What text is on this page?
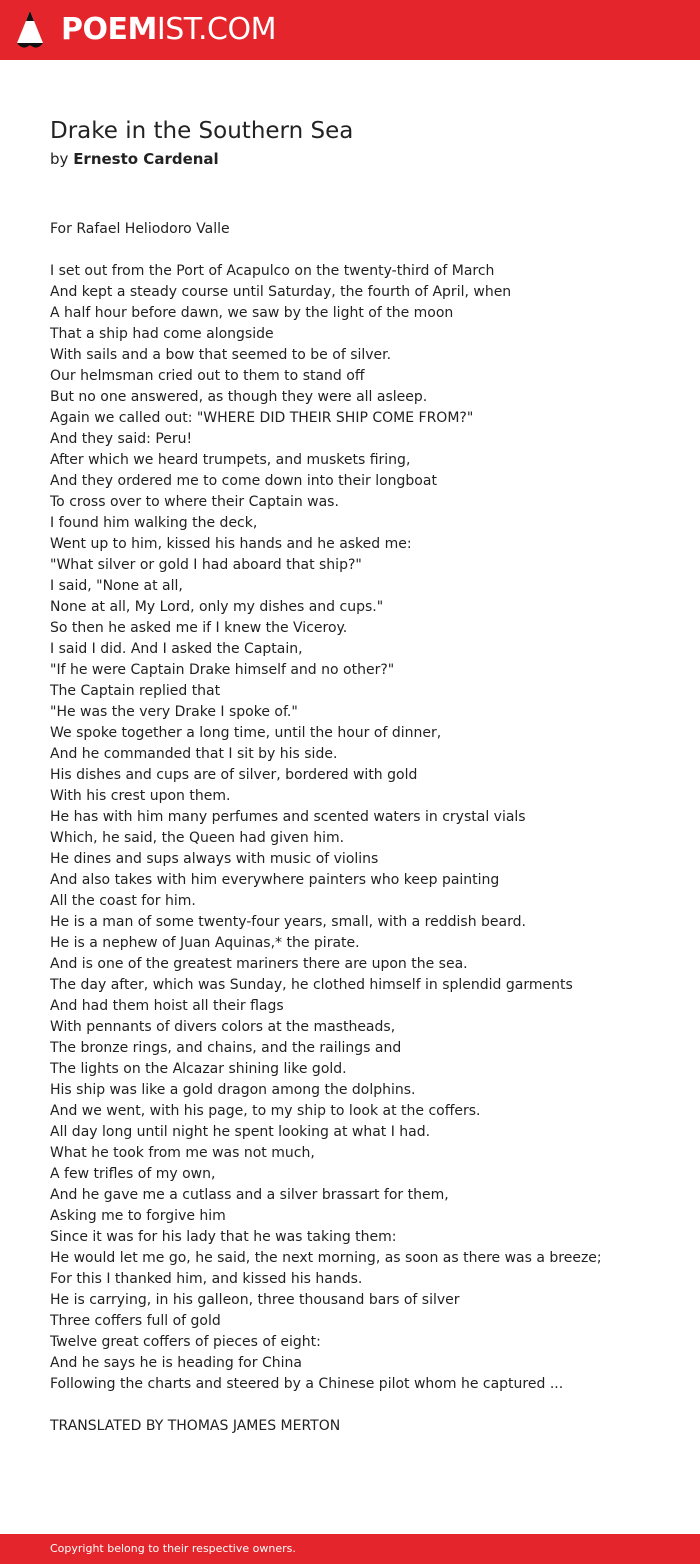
POEMIST.COM
Drake in the Southern Sea
by Ernesto Cardenal
For Rafael Heliodoro Valle
I set out from the Port of Acapulco on the twenty-third of March
And kept a steady course until Saturday, the fourth of April, when
A half hour before dawn, we saw by the light of the moon
That a ship had come alongside
With sails and a bow that seemed to be of silver.
Our helmsman cried out to them to stand off
But no one answered, as though they were all asleep.
Again we called out: "WHERE DID THEIR SHIP COME FROM?"
And they said: Peru!
After which we heard trumpets, and muskets firing,
And they ordered me to come down into their longboat
To cross over to where their Captain was.
I found him walking the deck,
Went up to him, kissed his hands and he asked me:
"What silver or gold I had aboard that ship?"
I said, "None at all,
None at all, My Lord, only my dishes and cups."
So then he asked me if I knew the Viceroy.
I said I did. And I asked the Captain,
"If he were Captain Drake himself and no other?"
The Captain replied that
"He was the very Drake I spoke of."
We spoke together a long time, until the hour of dinner,
And he commanded that I sit by his side.
His dishes and cups are of silver, bordered with gold
With his crest upon them.
He has with him many perfumes and scented waters in crystal vials
Which, he said, the Queen had given him.
He dines and sups always with music of violins
And also takes with him everywhere painters who keep painting
All the coast for him.
He is a man of some twenty-four years, small, with a reddish beard.
He is a nephew of Juan Aquinas,* the pirate.
And is one of the greatest mariners there are upon the sea.
The day after, which was Sunday, he clothed himself in splendid garments
And had them hoist all their flags
With pennants of divers colors at the mastheads,
The bronze rings, and chains, and the railings and
The lights on the Alcazar shining like gold.
His ship was like a gold dragon among the dolphins.
And we went, with his page, to my ship to look at the coffers.
All day long until night he spent looking at what I had.
What he took from me was not much,
A few trifles of my own,
And he gave me a cutlass and a silver brassart for them,
Asking me to forgive him
Since it was for his lady that he was taking them:
He would let me go, he said, the next morning, as soon as there was a breeze;
For this I thanked him, and kissed his hands.
He is carrying, in his galleon, three thousand bars of silver
Three coffers full of gold
Twelve great coffers of pieces of eight:
And he says he is heading for China
Following the charts and steered by a Chinese pilot whom he captured ...
TRANSLATED BY THOMAS JAMES MERTON
Copyright belong to their respective owners.
